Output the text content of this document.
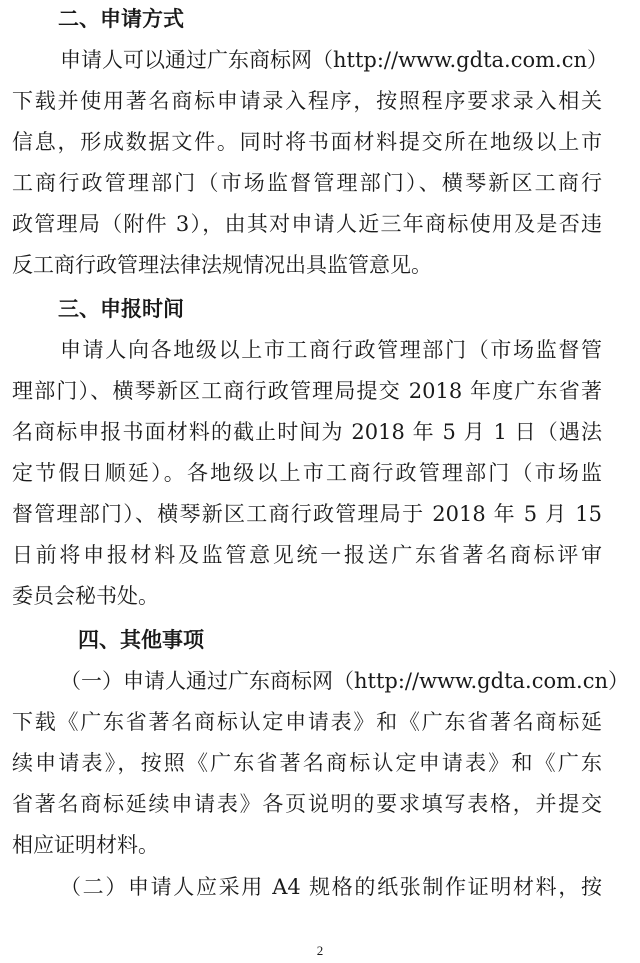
二、申请方式
申请人可以通过广东商标网（http://www.gdta.com.cn）
下载并使用著名商标申请录入程序，按照程序要求录入相关
信息，形成数据文件。同时将书面材料提交所在地级以上市
工商行政管理部门（市场监督管理部门）、横琴新区工商行
政管理局（附件 3），由其对申请人近三年商标使用及是否违
反工商行政管理法律法规情况出具监管意见。
三、申报时间
申请人向各地级以上市工商行政管理部门（市场监督管
理部门）、横琴新区工商行政管理局提交 2018 年度广东省著
名商标申报书面材料的截止时间为 2018 年 5 月 1 日（遇法
定节假日顺延）。各地级以上市工商行政管理部门（市场监
督管理部门）、横琴新区工商行政管理局于 2018 年 5 月 15
日前将申报材料及监管意见统一报送广东省著名商标评审
委员会秘书处。
四、其他事项
（一）申请人通过广东商标网（http://www.gdta.com.cn）
下载《广东省著名商标认定申请表》和《广东省著名商标延
续申请表》，按照《广东省著名商标认定申请表》和《广东
省著名商标延续申请表》各页说明的要求填写表格，并提交
相应证明材料。
（二）申请人应采用 A4 规格的纸张制作证明材料，按
2
